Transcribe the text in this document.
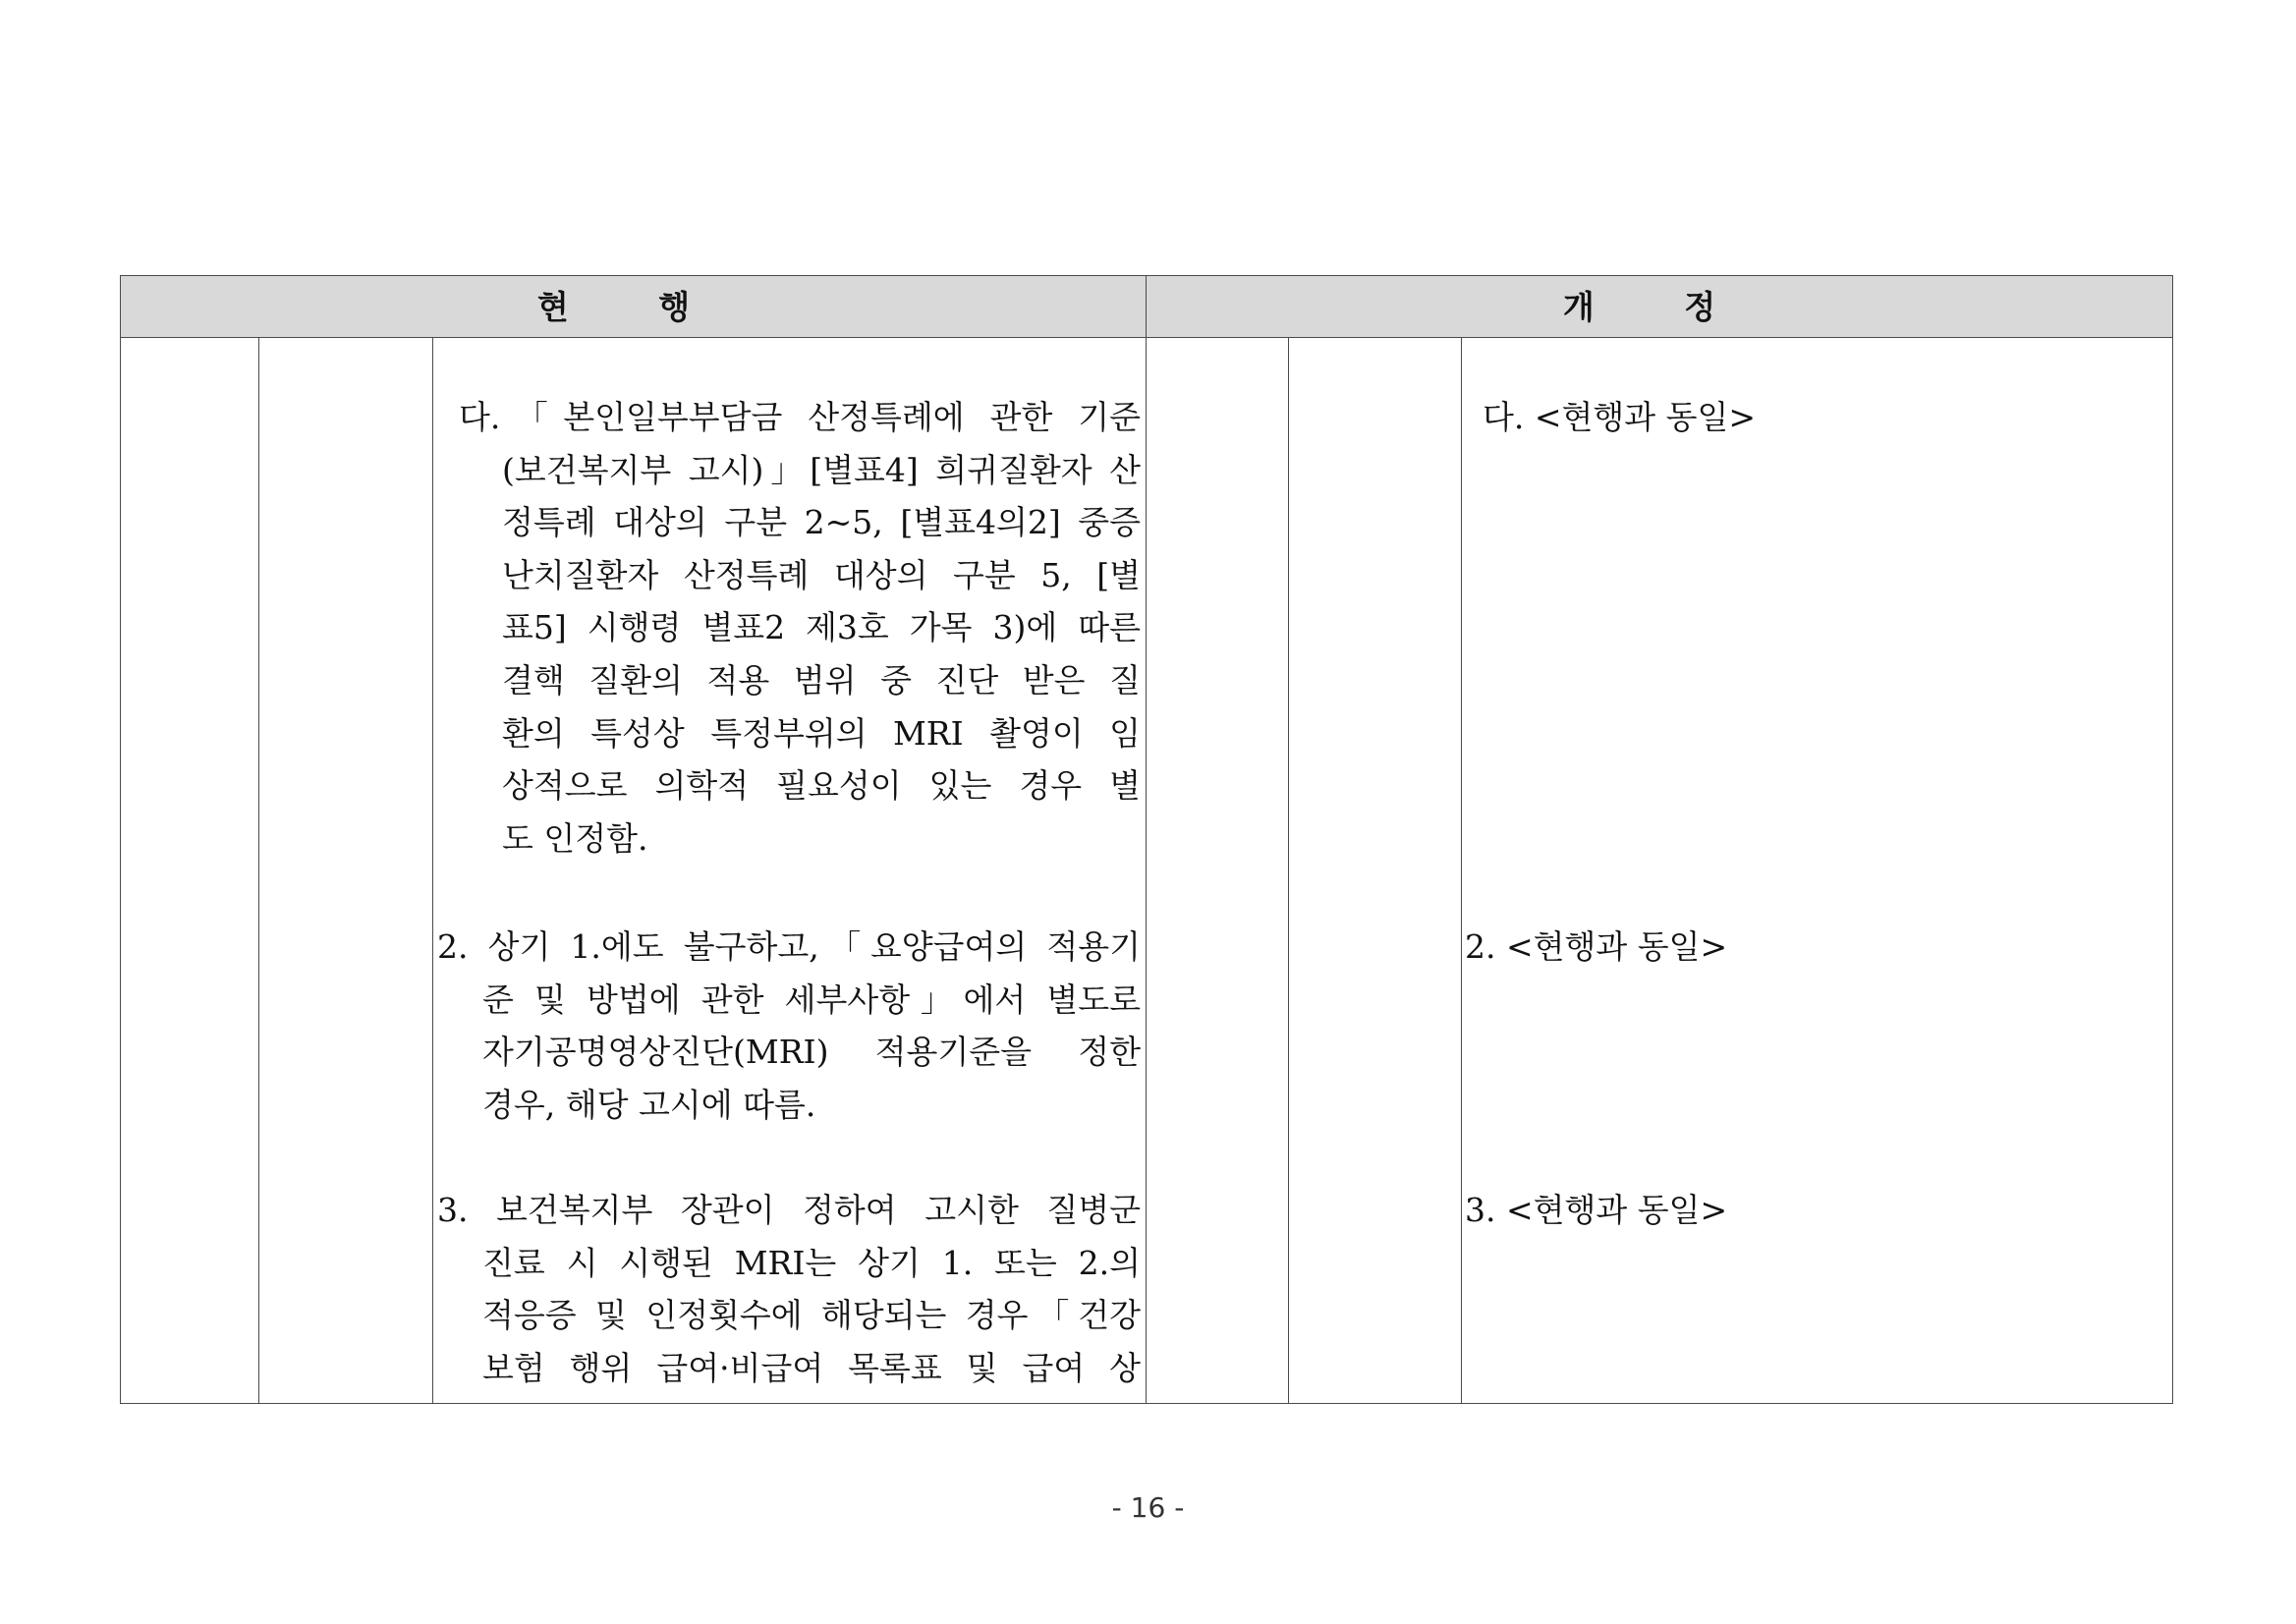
현 행	개 정
다.「본인일부부담금 산정특례에 관한 기준
(보건복지부 고시)」[별표4] 희귀질환자 산
정특례 대상의 구분 2~5, [별표4의2] 중증
난치질환자 산정특례 대상의 구분 5, [별
표5] 시행령 별표2 제3호 가목 3)에 따른
결핵 질환의 적용 범위 중 진단 받은 질
환의 특성상 특정부위의 MRI 촬영이 임
상적으로 의학적 필요성이 있는 경우 별
도 인정함.
2. 상기 1.에도 불구하고,「요양급여의 적용기
준 및 방법에 관한 세부사항」에서 별도로
자기공명영상진단(MRI) 적용기준을 정한
경우, 해당 고시에 따름.
3. 보건복지부 장관이 정하여 고시한 질병군
진료 시 시행된 MRI는 상기 1. 또는 2.의
적응증 및 인정횟수에 해당되는 경우「건강
보험 행위 급여·비급여 목록표 및 급여 상
다. <현행과 동일>
2. <현행과 동일>
3. <현행과 동일>
- 16 -
